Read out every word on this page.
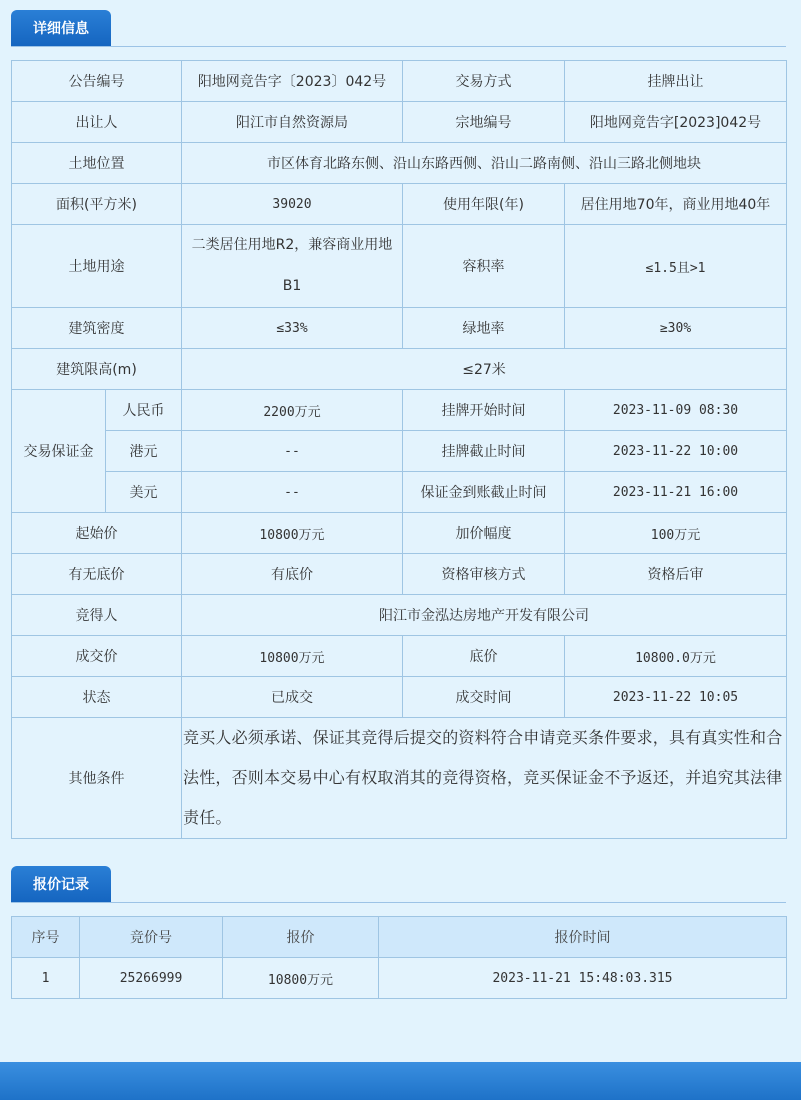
详细信息
公告编号		阳地网竞告字〔2023〕042号	交易方式	挂牌出让
出让人		阳江市自然资源局	宗地编号	阳地网竞告字[2023]042号
土地位置		市区体育北路东侧、沿山东路西侧、沿山二路南侧、沿山三路北侧地块		
面积(平方米)		39020	使用年限(年)	居住用地70年，商业用地40年
土地用途		二类居住用地R2，兼容商业用地B1	容积率	≤1.5且>1
建筑密度		≤33%	绿地率	≥30%
建筑限高(m)		≤27米		
交易保证金	人民币	2200万元	挂牌开始时间	2023-11-09 08:30
	港元	--	挂牌截止时间	2023-11-22 10:00
	美元	--	保证金到账截止时间	2023-11-21 16:00
起始价		10800万元	加价幅度	100万元
有无底价		有底价	资格审核方式	资格后审
竞得人		阳江市金泓达房地产开发有限公司		
成交价		10800万元	底价	10800.0万元
状态		已成交	成交时间	2023-11-22 10:05
其他条件		竞买人必须承诺、保证其竞得后提交的资料符合申请竞买条件要求，具有真实性和合法性，否则本交易中心有权取消其的竞得资格，竞买保证金不予返还，并追究其法律责任。		
报价记录
序号	竞价号	报价	报价时间
1	25266999	10800万元	2023-11-21 15:48:03.315
